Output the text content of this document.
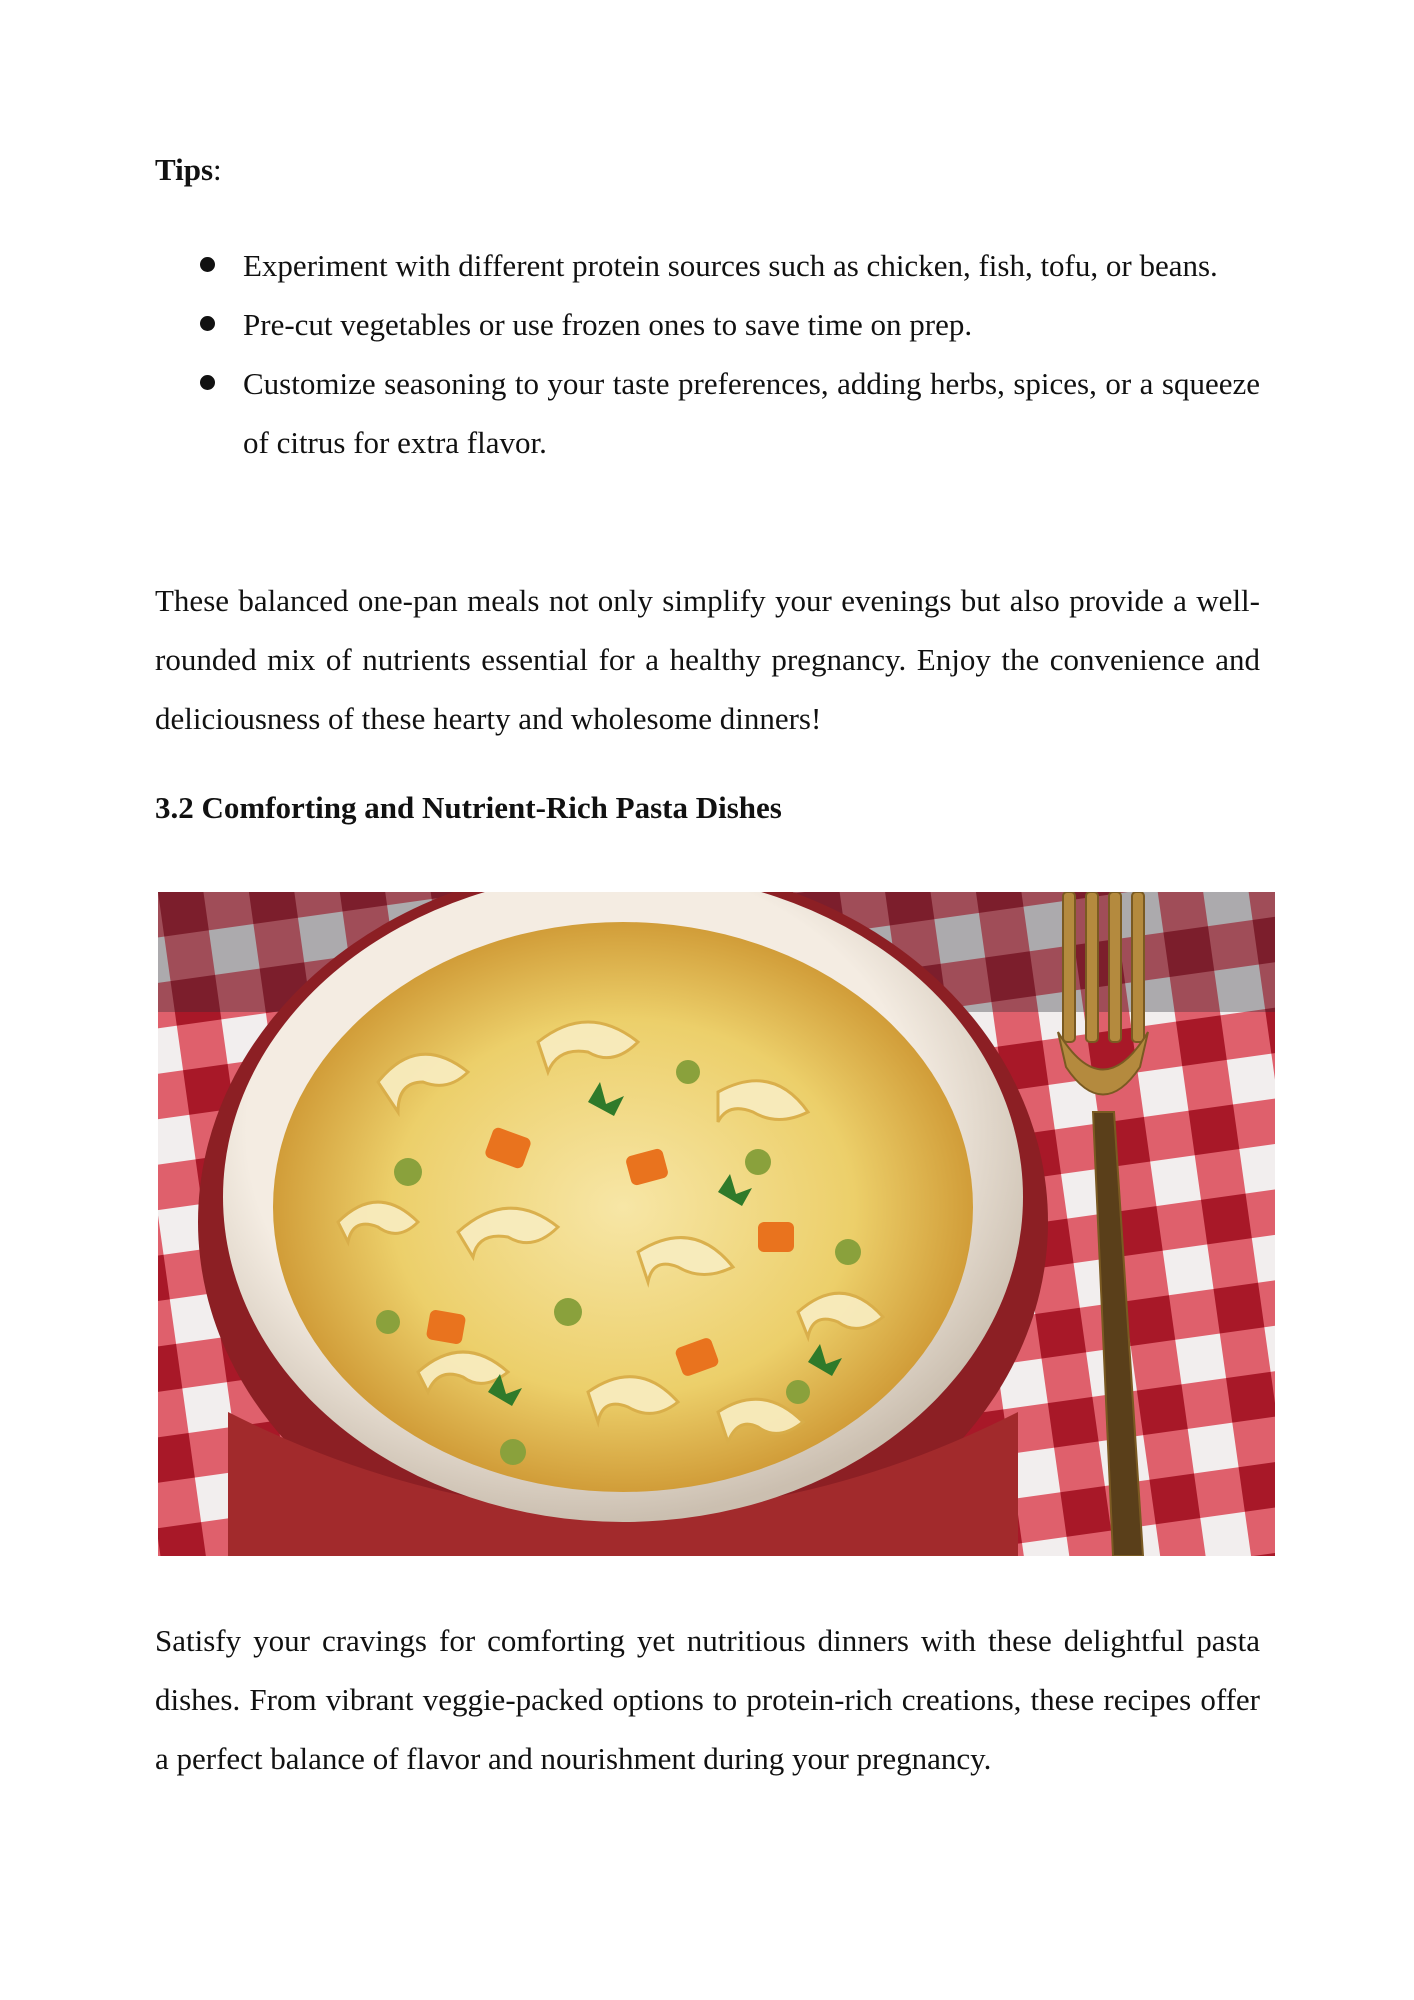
Tips:

Experiment with different protein sources such as chicken, fish, tofu, or beans.
Pre-cut vegetables or use frozen ones to save time on prep.
Customize seasoning to your taste preferences, adding herbs, spices, or a squeeze of citrus for extra flavor.

These balanced one-pan meals not only simplify your evenings but also provide a well-rounded mix of nutrients essential for a healthy pregnancy. Enjoy the convenience and deliciousness of these hearty and wholesome dinners!

3.2 Comforting and Nutrient-Rich Pasta Dishes

Satisfy your cravings for comforting yet nutritious dinners with these delightful pasta dishes. From vibrant veggie-packed options to protein-rich creations, these recipes offer a perfect balance of flavor and nourishment during your pregnancy.
